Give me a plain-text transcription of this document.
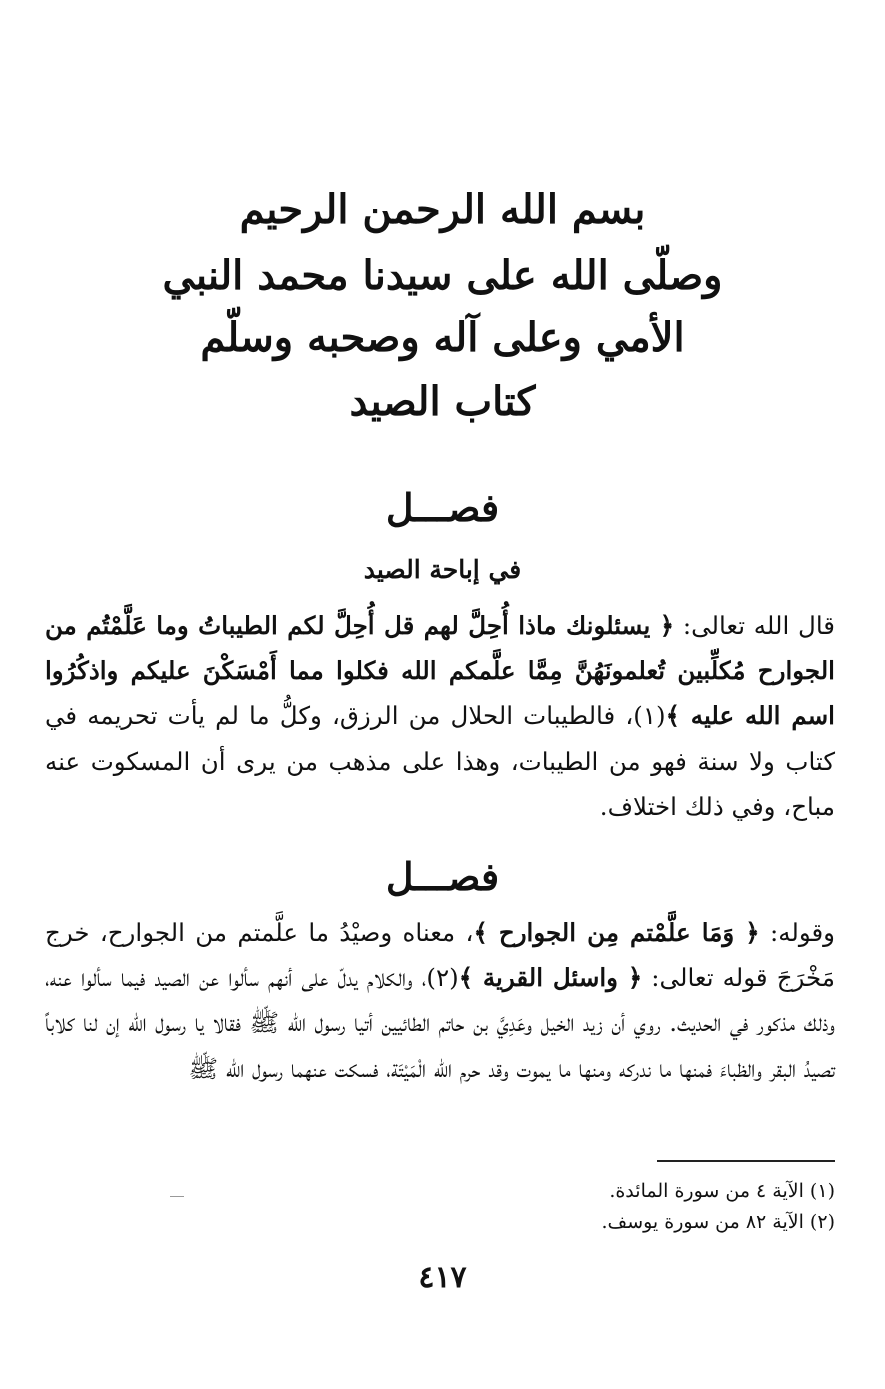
بسم الله الرحمن الرحيم
وصلّى الله على سيدنا محمد النبي
الأمي وعلى آله وصحبه وسلّم
كتاب الصيد
فصـــل
في إباحة الصيد
قال الله تعالى: ﴿ يسئلونك ماذا أُحِلَّ لهم قل أُحِلَّ لكم الطيباتُ وما عَلَّمْتُم من الجوارح مُكلِّبين تُعلمونَهُنَّ مِمَّا علَّمكم الله فكلوا مما أَمْسَكْنَ عليكم واذكُرُوا اسم الله عليه ﴾(١)، فالطيبات الحلال من الرزق، وكلُّ ما لم يأت تحريمه في كتاب ولا سنة فهو من الطيبات، وهذا على مذهب من يرى أن المسكوت عنه مباح، وفي ذلك اختلاف.
فصـــل
وقوله: ﴿ وَمَا علَّمْتم مِن الجوارح ﴾، معناه وصيْدُ ما علَّمتم من الجوارح، خرج مَخْرَجَ قوله تعالى: ﴿ واسئل القرية ﴾(٢)، والكلام يدلّ على أنهم سألوا عن الصيد فيما سألوا عنه، وذلك مذكور في الحديث. روي أن زيد الخيل وعَدِيَّ بن حاتم الطائيين أتيا رسول الله ﷺ فقالا يا رسول الله إن لنا كلاباً تصيدُ البقر والظباءَ فمنها ما ندركه ومنها ما يموت وقد حرم الله الْمَيْتَة، فسكت عنهما رسول الله ﷺ
(١) الآية ٤ من سورة المائدة.
(٢) الآية ٨٢ من سورة يوسف.
٤١٧
